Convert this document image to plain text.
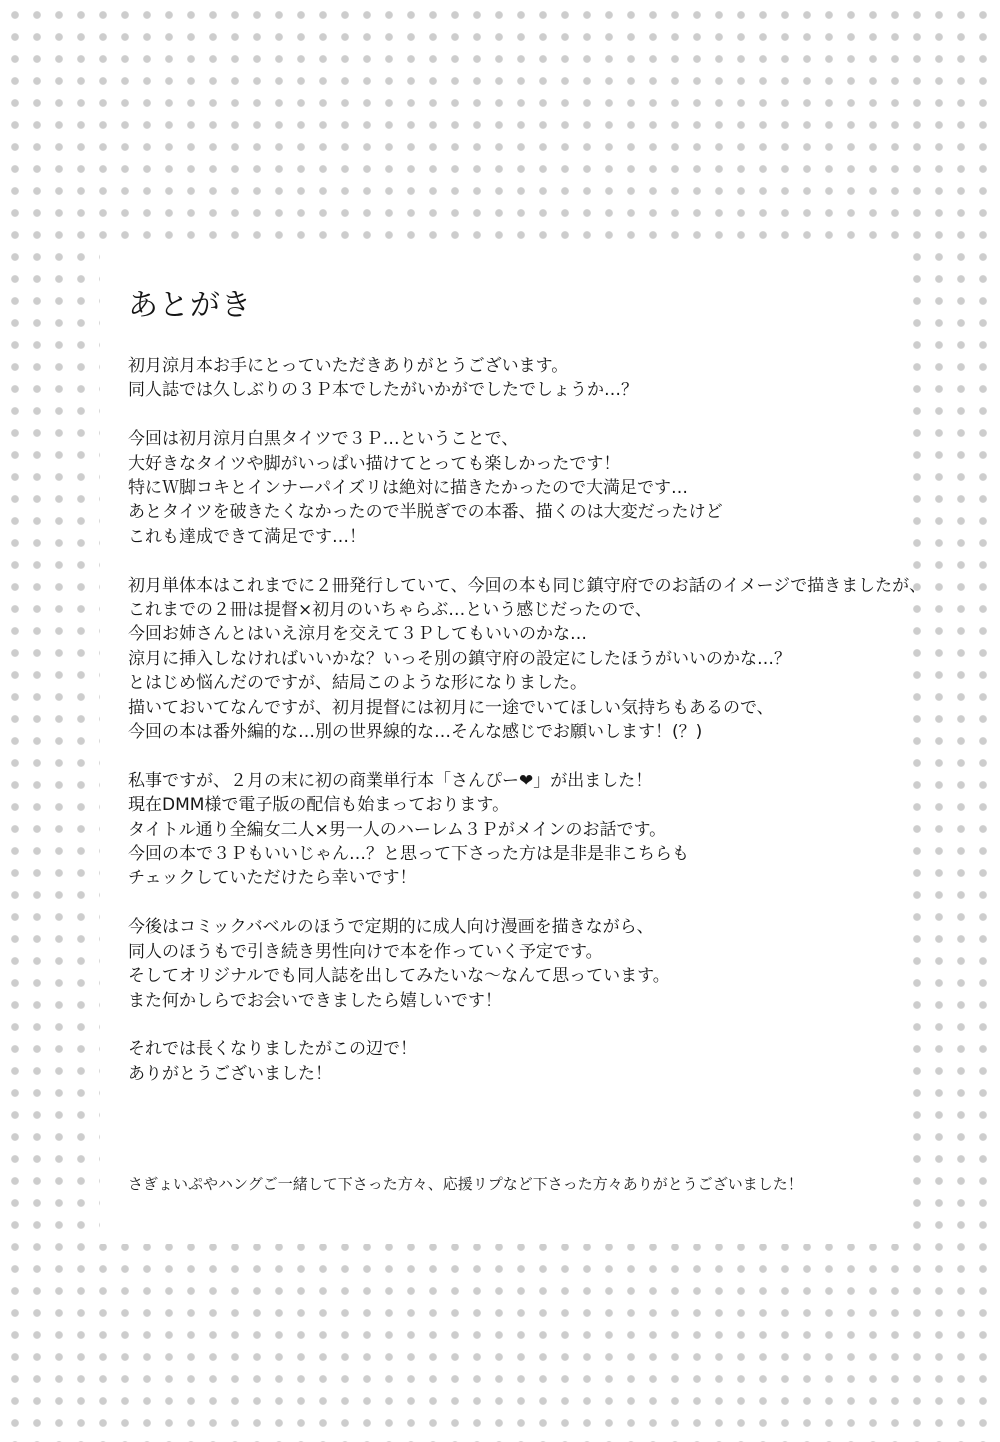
あとがき
初月涼月本お手にとっていただきありがとうございます。
同人誌では久しぶりの３Ｐ本でしたがいかがでしたでしょうか…？
今回は初月涼月白黒タイツで３Ｐ…ということで、
大好きなタイツや脚がいっぱい描けてとっても楽しかったです！
特にＷ脚コキとインナーパイズリは絶対に描きたかったので大満足です…
あとタイツを破きたくなかったので半脱ぎでの本番、描くのは大変だったけど
これも達成できて満足です…！
初月単体本はこれまでに２冊発行していて、今回の本も同じ鎮守府でのお話のイメージで描きましたが、
これまでの２冊は提督×初月のいちゃらぶ…という感じだったので、
今回お姉さんとはいえ涼月を交えて３Ｐしてもいいのかな…
涼月に挿入しなければいいかな？いっそ別の鎮守府の設定にしたほうがいいのかな…？
とはじめ悩んだのですが、結局このような形になりました。
描いておいてなんですが、初月提督には初月に一途でいてほしい気持ちもあるので、
今回の本は番外編的な…別の世界線的な…そんな感じでお願いします！(？)
私事ですが、２月の末に初の商業単行本「さんぴー❤」が出ました！
現在DMM様で電子版の配信も始まっております。
タイトル通り全編女二人×男一人のハーレム３Ｐがメインのお話です。
今回の本で３Ｐもいいじゃん…？と思って下さった方は是非是非こちらも
チェックしていただけたら幸いです！
今後はコミックバベルのほうで定期的に成人向け漫画を描きながら、
同人のほうもで引き続き男性向けで本を作っていく予定です。
そしてオリジナルでも同人誌を出してみたいな～なんて思っています。
また何かしらでお会いできましたら嬉しいです！
それでは長くなりましたがこの辺で！
ありがとうございました！
さぎょいぷやハングご一緒して下さった方々、応援リプなど下さった方々ありがとうございました！
